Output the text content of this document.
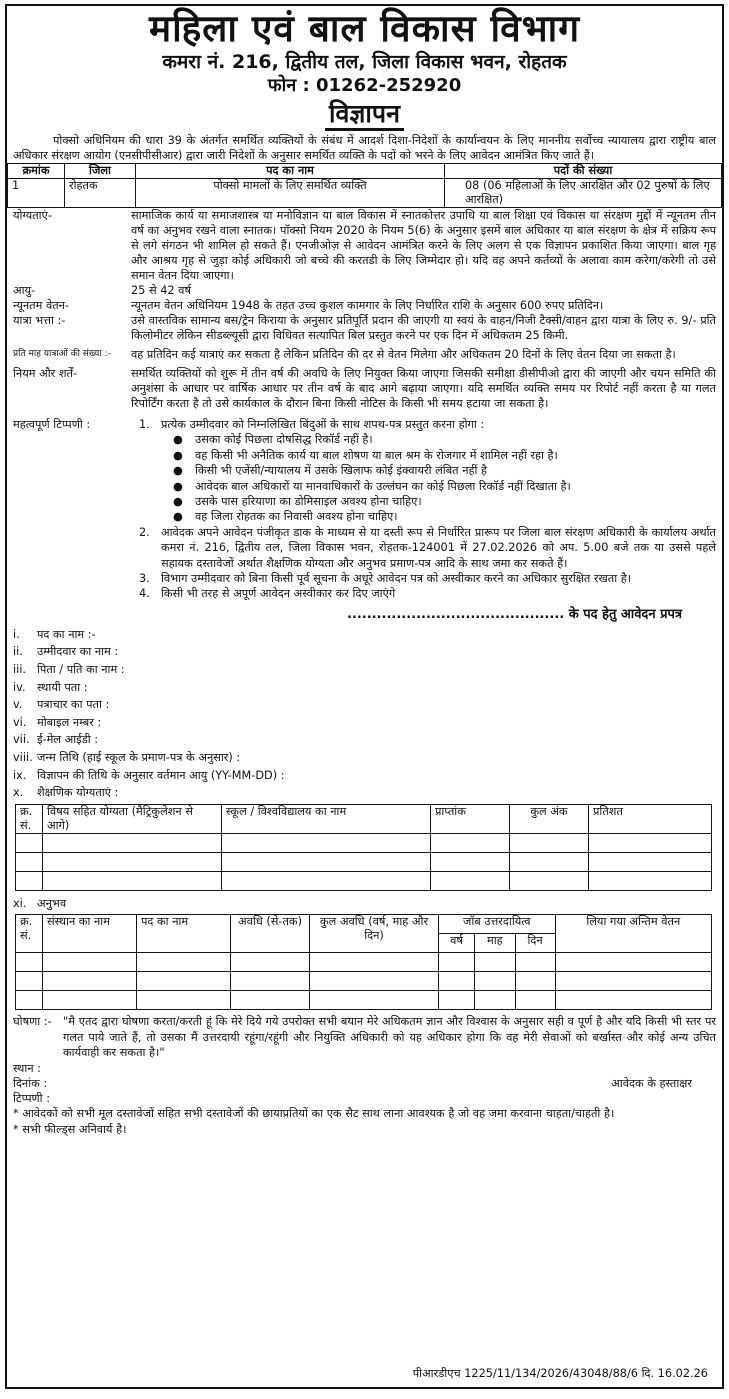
महिला एवं बाल विकास विभाग
कमरा नं. 216, द्वितीय तल, जिला विकास भवन, रोहतक
फोन : 01262-252920
विज्ञापन
पोक्सो अधिनियम की धारा 39 के अंतर्गत समर्थित व्यक्तियों के संबंध में आदर्श दिशा-निदेशों के कार्यान्वयन के लिए माननीय सर्वोच्च न्यायालय द्वारा राष्ट्रीय बाल अधिकार संरक्षण आयोग (एनसीपीसीआर) द्वारा जारी निदेशों के अनुसार समर्थित व्यक्ति के पदों को भरने के लिए आवेदन आमंत्रित किए जाते हैं।
क्रमांक	जिला	पद का नाम	पदों की संख्या
1	रोहतक	पोक्सो मामलों के लिए समर्थित व्यक्ति	08 (06 महिलाओं के लिए आरक्षित और 02 पुरुषों के लिए आरक्षित)
योग्यताएं-	सामाजिक कार्य या समाजशास्त्र या मनोविज्ञान या बाल विकास में स्नातकोत्तर उपाधि या बाल शिक्षा एवं विकास या संरक्षण मुद्दों में न्यूनतम तीन वर्ष का अनुभव रखने वाला स्नातक। पॉक्सो नियम 2020 के नियम 5(6) के अनुसार इसमें बाल अधिकार या बाल संरक्षण के क्षेत्र में सक्रिय रूप से लगे संगठन भी शामिल हो सकते हैं। एनजीओज़ से आवेदन आमंत्रित करने के लिए अलग से एक विज्ञापन प्रकाशित किया जाएगा। बाल गृह और आश्रय गृह से जुड़ा कोई अधिकारी जो बच्चे की करतडी के लिए जिम्मेदार हो। यदि वह अपने कर्तव्यों के अलावा काम करेगा/करेगी तो उसे समान वेतन दिया जाएगा।
आयु-	25 से 42 वर्ष
न्यूनतम वेतन-	न्यूनतम वेतन अधिनियम 1948 के तहत उच्च कुशल कामगार के लिए निर्धारित राशि के अनुसार 600 रुपए प्रतिदिन।
यात्रा भत्ता :-	उसे वास्तविक सामान्य बस/ट्रेन किराया के अनुसार प्रतिपूर्ति प्रदान की जाएगी या स्वयं के वाहन/निजी टैक्सी/वाहन द्वारा यात्रा के लिए रु. 9/- प्रति किलोमीटर लेकिन सीडब्ल्यूसी द्वारा विधिवत सत्यापित बिल प्रस्तुत करने पर एक दिन में अधिकतम 25 किमी.
प्रति माह यात्राओं की संख्या :-	वह प्रतिदिन कई यात्राएं कर सकता है लेकिन प्रतिदिन की दर से वेतन मिलेगा और अधिकतम 20 दिनों के लिए वेतन दिया जा सकता है।
नियम और शर्तें-	समर्थित व्यक्तियों को शुरू में तीन वर्ष की अवधि के लिए नियुक्त किया जाएगा जिसकी समीक्षा डीसीपीओ द्वारा की जाएगी और चयन समिति की अनुशंसा के आधार पर वार्षिक आधार पर तीन वर्ष के बाद आगे बढ़ाया जाएगा। यदि समर्थित व्यक्ति समय पर रिपोर्ट नहीं करता है या गलत रिपोर्टिंग करता है तो उसे कार्यकाल के दौरान बिना किसी नोटिस के किसी भी समय हटाया जा सकता है।
महत्वपूर्ण टिप्पणी :	1. प्रत्येक उम्मीदवार को निम्नलिखित बिंदुओं के साथ शपथ-पत्र प्रस्तुत करना होगा :
●	उसका कोई पिछला दोषसिद्ध रिकॉर्ड नहीं है।
●	वह किसी भी अनैतिक कार्य या बाल शोषण या बाल श्रम के रोजगार में शामिल नहीं रहा है।
●	किसी भी एजेंसी/न्यायालय में उसके खिलाफ कोई इंक्वायरी लंबित नहीं है
●	आवेदक बाल अधिकारों या मानवाधिकारों के उल्लंघन का कोई पिछला रिकॉर्ड नहीं दिखाता है।
●	उसके पास हरियाणा का डोमिसाइल अवश्य होना चाहिए।
●	वह जिला रोहतक का निवासी अवश्य होना चाहिए।
2. आवेदक अपने आवेदन पंजीकृत डाक के माध्यम से या दस्ती रूप से निर्धारित प्रारूप पर जिला बाल संरक्षण अधिकारी के कार्यालय अर्थात कमरा नं. 216, द्वितीय तल, जिला विकास भवन, रोहतक-124001 में 27.02.2026 को अप. 5.00 बजे तक या उससे पहले सहायक दस्तावेजों अर्थात शैक्षणिक योग्यता और अनुभव प्रमाण-पत्र आदि के साथ जमा कर सकते हैं।
3. विभाग उम्मीदवार को बिना किसी पूर्व सूचना के अधूरे आवेदन पत्र को अस्वीकार करने का अधिकार सुरक्षित रखता है।
4. किसी भी तरह से अपूर्ण आवेदन अस्वीकार कर दिए जाएंगे
............................................ के पद हेतु आवेदन प्रपत्र
i.	पद का नाम :-
ii.	उम्मीदवार का नाम :
iii. पिता / पति का नाम :
iv.	स्थायी पता :
v.	पत्राचार का पता :
vi. मोबाइल नम्बर :
vii. ई-मेल आईडी :
viii. जन्म तिथि (हाई स्कूल के प्रमाण-पत्र के अनुसार) :
ix. विज्ञापन की तिथि के अनुसार वर्तमान आयु (YY-MM-DD) :
x.	शैक्षणिक योग्यताएं :
क्र. सं.	विषय सहित योग्यता (मैट्रिकुलेशन से आगे)	स्कूल / विश्वविद्यालय का नाम	प्राप्तांक	कुल अंक	प्रतिशत

xi. अनुभव
क्र. सं.	संस्थान का नाम	पद का नाम	अवधि (से-तक)	कुल अवधि (वर्ष, माह और दिन)	जॉब उत्तरदायित्व			लिया गया अन्तिम वेतन
					वर्ष	माह	दिन	

घोषणा :- "मै एतद द्वारा घोषणा करता/करती हूं कि मेरे दिये गये उपरोक्त सभी बयान मेरे अधिकतम ज्ञान और विश्वास के अनुसार सही व पूर्ण है और यदि किसी भी स्तर पर गलत पाये जाते हैं, तो उसका मैं उत्तरदायी रहूंगा/रहूंगी और नियुक्ति अधिकारी को यह अधिकार होगा कि वह मेरी सेवाओं को बर्खास्त और कोई अन्य उचित कार्यवाही कर सकता है।"
स्थान :
दिनांक :	आवेदक के हस्ताक्षर
टिप्पणी :
* आवेदकों को सभी मूल दस्तावेजों सहित सभी दस्तावेजों की छायाप्रतियों का एक सैट साथ लाना आवश्यक है जो वह जमा करवाना चाहता/चाहती है।
* सभी फील्ड्स अनिवार्य है।
पीआरडीएच 1225/11/134/2026/43048/88/6 दि. 16.02.26
